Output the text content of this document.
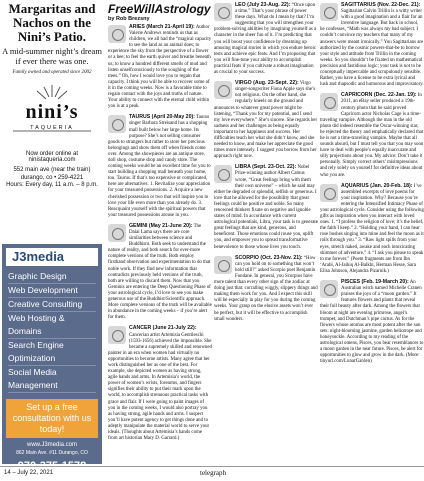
Margaritas and Nachos on the Nini’s Patio.
A mid-summer night’s dream if ever there was one.
Family owned and operated since 2002
nini’s
TAQUERIA
Now order online at ninistaqueria.com
552 main ave (near the train)
durango, co • 259-4221
Hours: Every day, 11 a.m. – 8 p.m.
J3media
Graphic Design
Web Development
Creative Consulting
Web Hosting & Domains
Search Engine Optimization
Social Media Management
Set up a free consultation with us today!
www.J3media.com
862 Main Ave. #11 Durango, CO
970-375-1578
FreeWillAstrology
by Rob Brezsny
ARIES (March 21-April 19): Author Valerie Andrews reminds us that as children, we all had the “magical capacity to see the land as an animal does; to experience the sky from the perspective of a flower or a bee; to feel the earth quiver and breathe beneath us; to know a hundred different smells of mud and listen unselfconsciously to the soughing of the trees.” Oh, how I would love you to regain that capacity. I think you will be able to recover some of it in the coming weeks. Now is a favorable time to regain contact with the joys and truths of nature. Your ability to connect with the eternal child within you is at a peak.
TAURUS (April 20-May 20): Taurus singer Barbara Streisand has a shopping mall built below her large home. Its purpose? She’s not selling consumer goods to strangers but rather to store her precious belongings and show them off when friends come over. Among the showpieces are an antique store, doll shop, costume shop and candy store. The coming weeks would be an excellent time for you to start building a shopping mall beneath your home, too. Taurus. If that’s too expensive or complicated, here are alternatives: 1. Revitalize your appreciation for your treasured possessions. 2. Acquire a new cherished possession or two that will inspire you to love your life even more than you already do. 3. Reacquaint yourself with the spiritual powers that your treasured possessions arouse in you.
GEMINI (May 21-June 20): The Dalai Lama says there are core similarities between science and Buddhism. Both seek to understand the nature of reality, and both search for ever-more complete versions of the truth. Both employ firsthand observation and experimentation to do that noble work. If they find new information that contradicts previously held versions of the truth, both are willing to discard them. Now that you Geminis are entering the Deep Questioning Phase of your astrological cycle, I’d love to see you make generous use of the Buddhist/Scientific approach. More complete versions of the truth will be available in abundance in the coming weeks – if you’re alert for them.
CANCER (June 21-July 22): Cancerian artist Artemisia Gentileschi (1593-1656) achieved the impossible. She became a supremely skilled and renowned painter in an era when women had virtually no opportunities to become artists. Many agree that her work distinguished her as one of the best. For example, she depicted women as having strong, agile hands and arms. In Artemisia’s world, the power of women’s wrists, forearms, and fingers signifies their ability to put their mark upon the world, to accomplish strenuous practical tasks with grace and flair. If I were going to paint images of you in the coming weeks, I would also portray you as having strong, agile hands and arms. I suspect you’ll have potent agency to get things done and to adeptly manipulate the material world to serve your ideals. (Thoughts about Artemisia’s hands come from art historian Mary D. Garrard.)
LEO (July 23-Aug. 22): “Once upon a time.” That’s your phrase of power these days. What do I mean by that? I’m suggesting that you will strengthen your problem-solving abilities by imagining yourself as a character in the sheer fun of it. I’m predicting that you will boost your confidence by dreaming up amusing magical stories in which you endure heroic tests and achieve epic feats. And I’m proposing that you will fine-tune your ability to accomplish practical feats if you cultivate a robust imagination as crucial to your success.
VIRGO (Aug. 23-Sept. 22): Virgo singer-songwriter Fiona Apple says she’s not religious. On the other hand, she regularly kneels on the ground and announces to whatever great power might be listening, “Thank you for my potential, and I send my love everywhere.” She’s sincere. She regards her sadness and her challenges as being equally important to her happiness and success. Her difficulties teach her what she didn’t know, and she needed to know, and make her appreciate the good times more intensely. I suggest you borrow from her approach right now.
LIBRA (Sept. 23-Oct. 22): Nobel Prize-winning author Albert Camus wrote, “Great feelings bring with them their own universe” – which he said may either be degraded or splendid, selfish or generous. I love that he allowed for the possibility that great feelings could be positive and noble. So many renowned thinkers fixate on negative and ignoble states of mind. In accordance with current astrological potentials, Libra, your task is to generate great feelings that are kind, generous, and beneficent. Those emotions could rouse you, uplift you, and empower you to spread transformative benevolence to those whose lives you touch.
SCORPIO (Oct. 23-Nov. 21): “How can you hold on to something that won’t hold still?” asked Scorpio poet Benjamin Fondane. In general, you Scorpios have more talent than every other sign of the zodiac at doing just that: corralling wiggly, slippery things and making them work for you. And I expect this skill will be especially in play for you during the coming weeks. Your grasp on the elusive assets won’t ever be perfect, but it will be effective to accomplish small wonders.
SAGITTARIUS (Nov. 22-Dec. 21): Sagittarian Calvin Trillin is a witty writer with a good imagination and a flair for an inventive language. But back in school, he confesses, “Math was always my bad subject. I couldn’t convince my teachers that many of my answers were meant ironically.” You Sagittarians are authorized by the cosmic powers-that-be to borrow your style and attitude from Trillin in the coming weeks. So you shouldn’t be fixated on mathematical precision and fastidious logic; your task is not to be conceptually impeccable and scrupulously sensible. Rather, you have a license to be extra lyrical and lush and rhapsodic and humorous and improvisatory.
CAPRICORN (Dec. 22-Jan. 19): In 2011, an eBay seller produced a 19th-century photo that he said proved Capricorn actor Nicholas Cage is a time-traveling vampire. Although the man in the old photo did indeed resemble the Oscar-winning star, he rejected the theory and emphatically declared that he is not a time-traveling vampire. Maybe that all sounds absurd, but I must tell you that you may soon have to deal with people’s equally inaccurate and silly projections about you. My advice: Don’t take it personally. Simply correct others’ misimpressions and rely solely on yourself for definitive ideas about who you are.
AQUARIUS (Jan. 20-Feb. 18): I’ve assembled excerpts of love poems for your inspiration. Why? Because you’re entering the Intensified Intimacy Phase of your astrological cycle. Consider using the following gifts as inspiration when you interact with loved ones. 1. “I profess the religion of love; it’s the belief, the faith I keep.” 2. “Holding your hand, I can hear rose bushes singing into mine and feel the moon as it rolls through you.” 3. “Raw light spills from your eyes, stretch naked, awake and each intoxicating shimmer of adventure.” 4. “I ask you please to speak to me forever.” (Poem fragments are from Ibn ‘Arabi, Al-Jaihiq Al-Balkhi, Herman Hesse, Sara Elisa Johnson, Alejandra Pizarnik.)
PISCES (Feb. 19-March 20): An Australian witch named Michelle Cranen praises the joys of a “moon garden.” It features flowers and plants that reveal their full beauty after dark. Among the flowers that bloom at night are evening primrose, angel’s trumpet, and Dutchman’s pipe cactus. As for the flowers whose aromas are most potent after the sun sets: night-blooming jasmine, garden heliotrope and honeysuckle. According to my reading of the astrological omens, Pisces, you bear resemblances to a moon garden in the near future. Pisces, be alert for opportunities to glow and grow in the dark. (More: tinyurl.com/LunarGarden)
14 – July 22, 2021	telegraph
